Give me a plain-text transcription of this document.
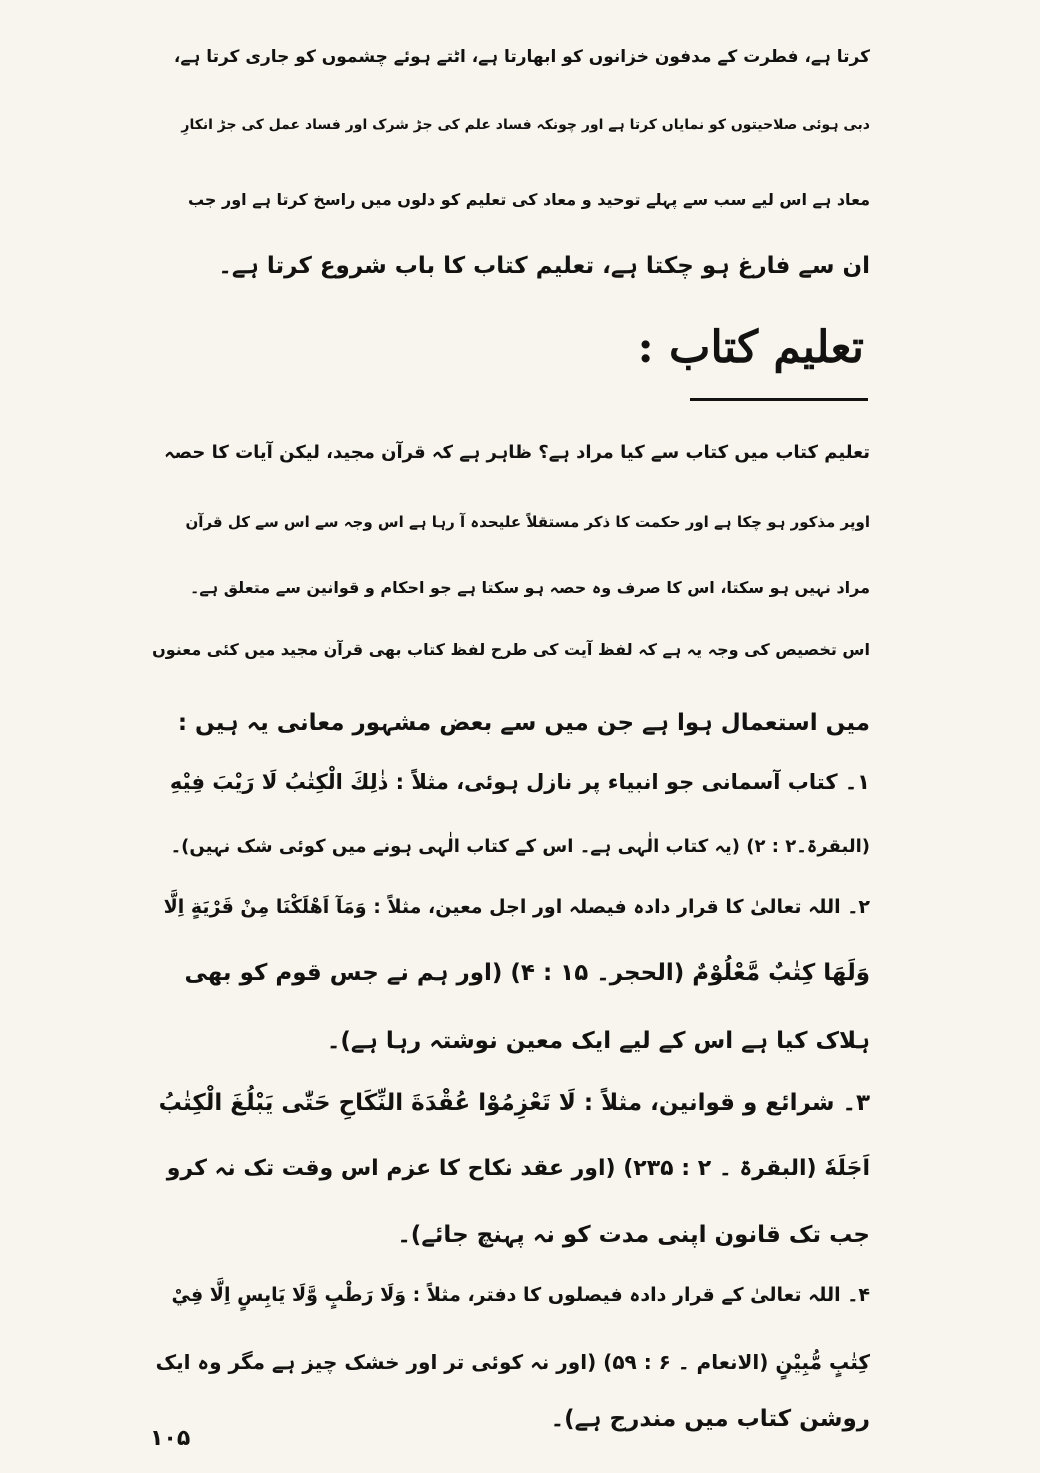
کرتا ہے، فطرت کے مدفون خزانوں کو ابھارتا ہے، اٹتے ہوئے چشموں کو جاری کرتا ہے،
دبی ہوئی صلاحیتوں کو نمایاں کرتا ہے اور چونکہ فساد علم کی جڑ شرک اور فساد عمل کی جڑ انکارِ
معاد ہے اس لیے سب سے پہلے توحید و معاد کی تعلیم کو دلوں میں راسخ کرتا ہے اور جب
ان سے فارغ ہو چکتا ہے، تعلیم کتاب کا باب شروع کرتا ہے۔
تعلیم کتاب :
تعلیم کتاب میں کتاب سے کیا مراد ہے؟ ظاہر ہے کہ قرآن مجید، لیکن آیات کا حصہ
اوپر مذکور ہو چکا ہے اور حکمت کا ذکر مستقلاً علیحدہ آ رہا ہے اس وجہ سے اس سے کل قرآن
مراد نہیں ہو سکتا، اس کا صرف وہ حصہ ہو سکتا ہے جو احکام و قوانین سے متعلق ہے۔
اس تخصیص کی وجہ یہ ہے کہ لفظ آیت کی طرح لفظ کتاب بھی قرآن مجید میں کئی معنوں
میں استعمال ہوا ہے جن میں سے بعض مشہور معانی یہ ہیں :
۱۔ کتاب آسمانی جو انبیاء پر نازل ہوئی، مثلاً : ذٰلِكَ الْكِتٰبُ لَا رَيْبَ فِيْهِ
(البقرۃ۔۲ : ۲) (یہ کتاب الٰہی ہے۔ اس کے کتاب الٰہی ہونے میں کوئی شک نہیں)۔
۲۔ اللہ تعالیٰ کا قرار دادہ فیصلہ اور اجل معین، مثلاً : وَمَآ اَهْلَكْنَا مِنْ قَرْيَةٍ اِلَّا
وَلَهَا كِتٰبٌ مَّعْلُوْمٌ (الحجر۔ ۱۵ : ۴) (اور ہم نے جس قوم کو بھی
ہلاک کیا ہے اس کے لیے ایک معین نوشتہ رہا ہے)۔
۳۔ شرائع و قوانین، مثلاً : لَا تَعْزِمُوْا عُقْدَةَ النِّكَاحِ حَتّٰى يَبْلُغَ الْكِتٰبُ
اَجَلَهٗ (البقرۃ ۔ ۲ : ۲۳۵) (اور عقد نکاح کا عزم اس وقت تک نہ کرو
جب تک قانون اپنی مدت کو نہ پہنچ جائے)۔
۴۔ اللہ تعالیٰ کے قرار دادہ فیصلوں کا دفتر، مثلاً : وَلَا رَطْبٍ وَّلَا يَابِسٍ اِلَّا فِيْ
كِتٰبٍ مُّبِيْنٍ (الانعام ۔ ۶ : ۵۹) (اور نہ کوئی تر اور خشک چیز ہے مگر وہ ایک
روشن کتاب میں مندرج ہے)۔
۱۰۵
